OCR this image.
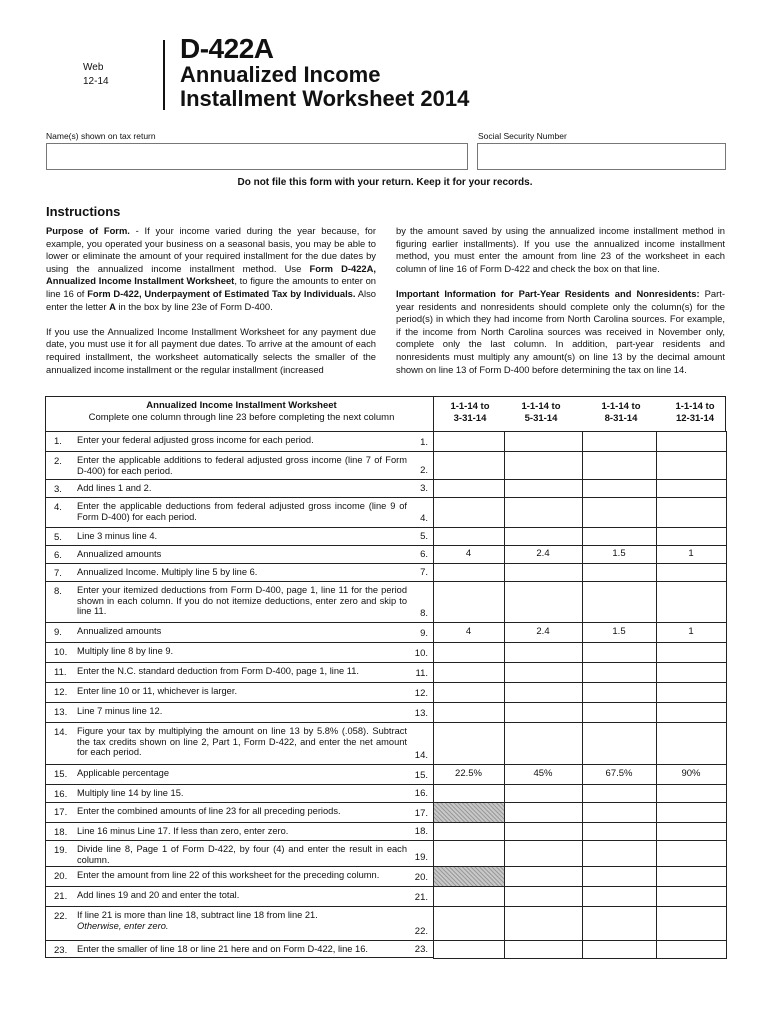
Web
12-14
D-422A
Annualized Income
Installment Worksheet 2014
Name(s) shown on tax return	Social Security Number
Do not file this form with your return. Keep it for your records.
Instructions

Purpose of Form. - If your income varied during the year because, for example, you operated your business on a seasonal basis, you may be able to lower or eliminate the amount of your required installment for the due dates by using the annualized income installment method. Use Form D-422A, Annualized Income Installment Worksheet, to figure the amounts to enter on line 16 of Form D-422, Underpayment of Estimated Tax by Individuals. Also enter the letter A in the box by line 23e of Form D-400.

If you use the Annualized Income Installment Worksheet for any payment due date, you must use it for all payment due dates. To arrive at the amount of each required installment, the worksheet automatically selects the smaller of the annualized income installment or the regular installment (increased

by the amount saved by using the annualized income installment method in figuring earlier installments). If you use the annualized income installment method, you must enter the amount from line 23 of the worksheet in each column of line 16 of Form D-422 and check the box on that line.

Important Information for Part-Year Residents and Nonresidents: Part-year residents and nonresidents should complete only the column(s) for the period(s) in which they had income from North Carolina sources. For example, if the income from North Carolina sources was received in November only, complete only the last column. In addition, part-year residents and nonresidents must multiply any amount(s) on line 13 by the decimal amount shown on line 13 of Form D-400 before determining the tax on line 14.

Annualized Income Installment Worksheet
Complete one column through line 23 before completing the next column
1-1-14 to
3-31-14
1-1-14 to
5-31-14
1-1-14 to
8-31-14
1-1-14 to
12-31-14
1. Enter your federal adjusted gross income for each period.	1.
2. Enter the applicable additions to federal adjusted gross income (line 7 of Form D-400) for each period.	2.
3. Add lines 1 and 2.	3.
4. Enter the applicable deductions from federal adjusted gross income (line 9 of Form D-400) for each period.	4.
5. Line 3 minus line 4.	5.
6. Annualized amounts	6.	4	2.4	1.5	1
7. Annualized Income. Multiply line 5 by line 6.	7.
8. Enter your itemized deductions from Form D-400, page 1, line 11 for the period shown in each column. If you do not itemize deductions, enter zero and skip to line 11.	8.
9. Annualized amounts	9.	4	2.4	1.5	1
10. Multiply line 8 by line 9.	10.
11. Enter the N.C. standard deduction from Form D-400, page 1, line 11.	11.
12. Enter line 10 or 11, whichever is larger.	12.
13. Line 7 minus line 12.	13.
14. Figure your tax by multiplying the amount on line 13 by 5.8% (.058). Subtract the tax credits shown on line 2, Part 1, Form D-422, and enter the net amount for each period.	14.
15. Applicable percentage	15.	22.5%	45%	67.5%	90%
16. Multiply line 14 by line 15.	16.
17. Enter the combined amounts of line 23 for all preceding periods.	17.
18. Line 16 minus Line 17. If less than zero, enter zero.	18.
19. Divide line 8, Page 1 of Form D-422, by four (4) and enter the result in each column.	19.
20. Enter the amount from line 22 of this worksheet for the preceding column.	20.
21. Add lines 19 and 20 and enter the total.	21.
22. If line 21 is more than line 18, subtract line 18 from line 21.
Otherwise, enter zero.
22.
23. Enter the smaller of line 18 or line 21 here and on Form D-422, line 16.	23.
